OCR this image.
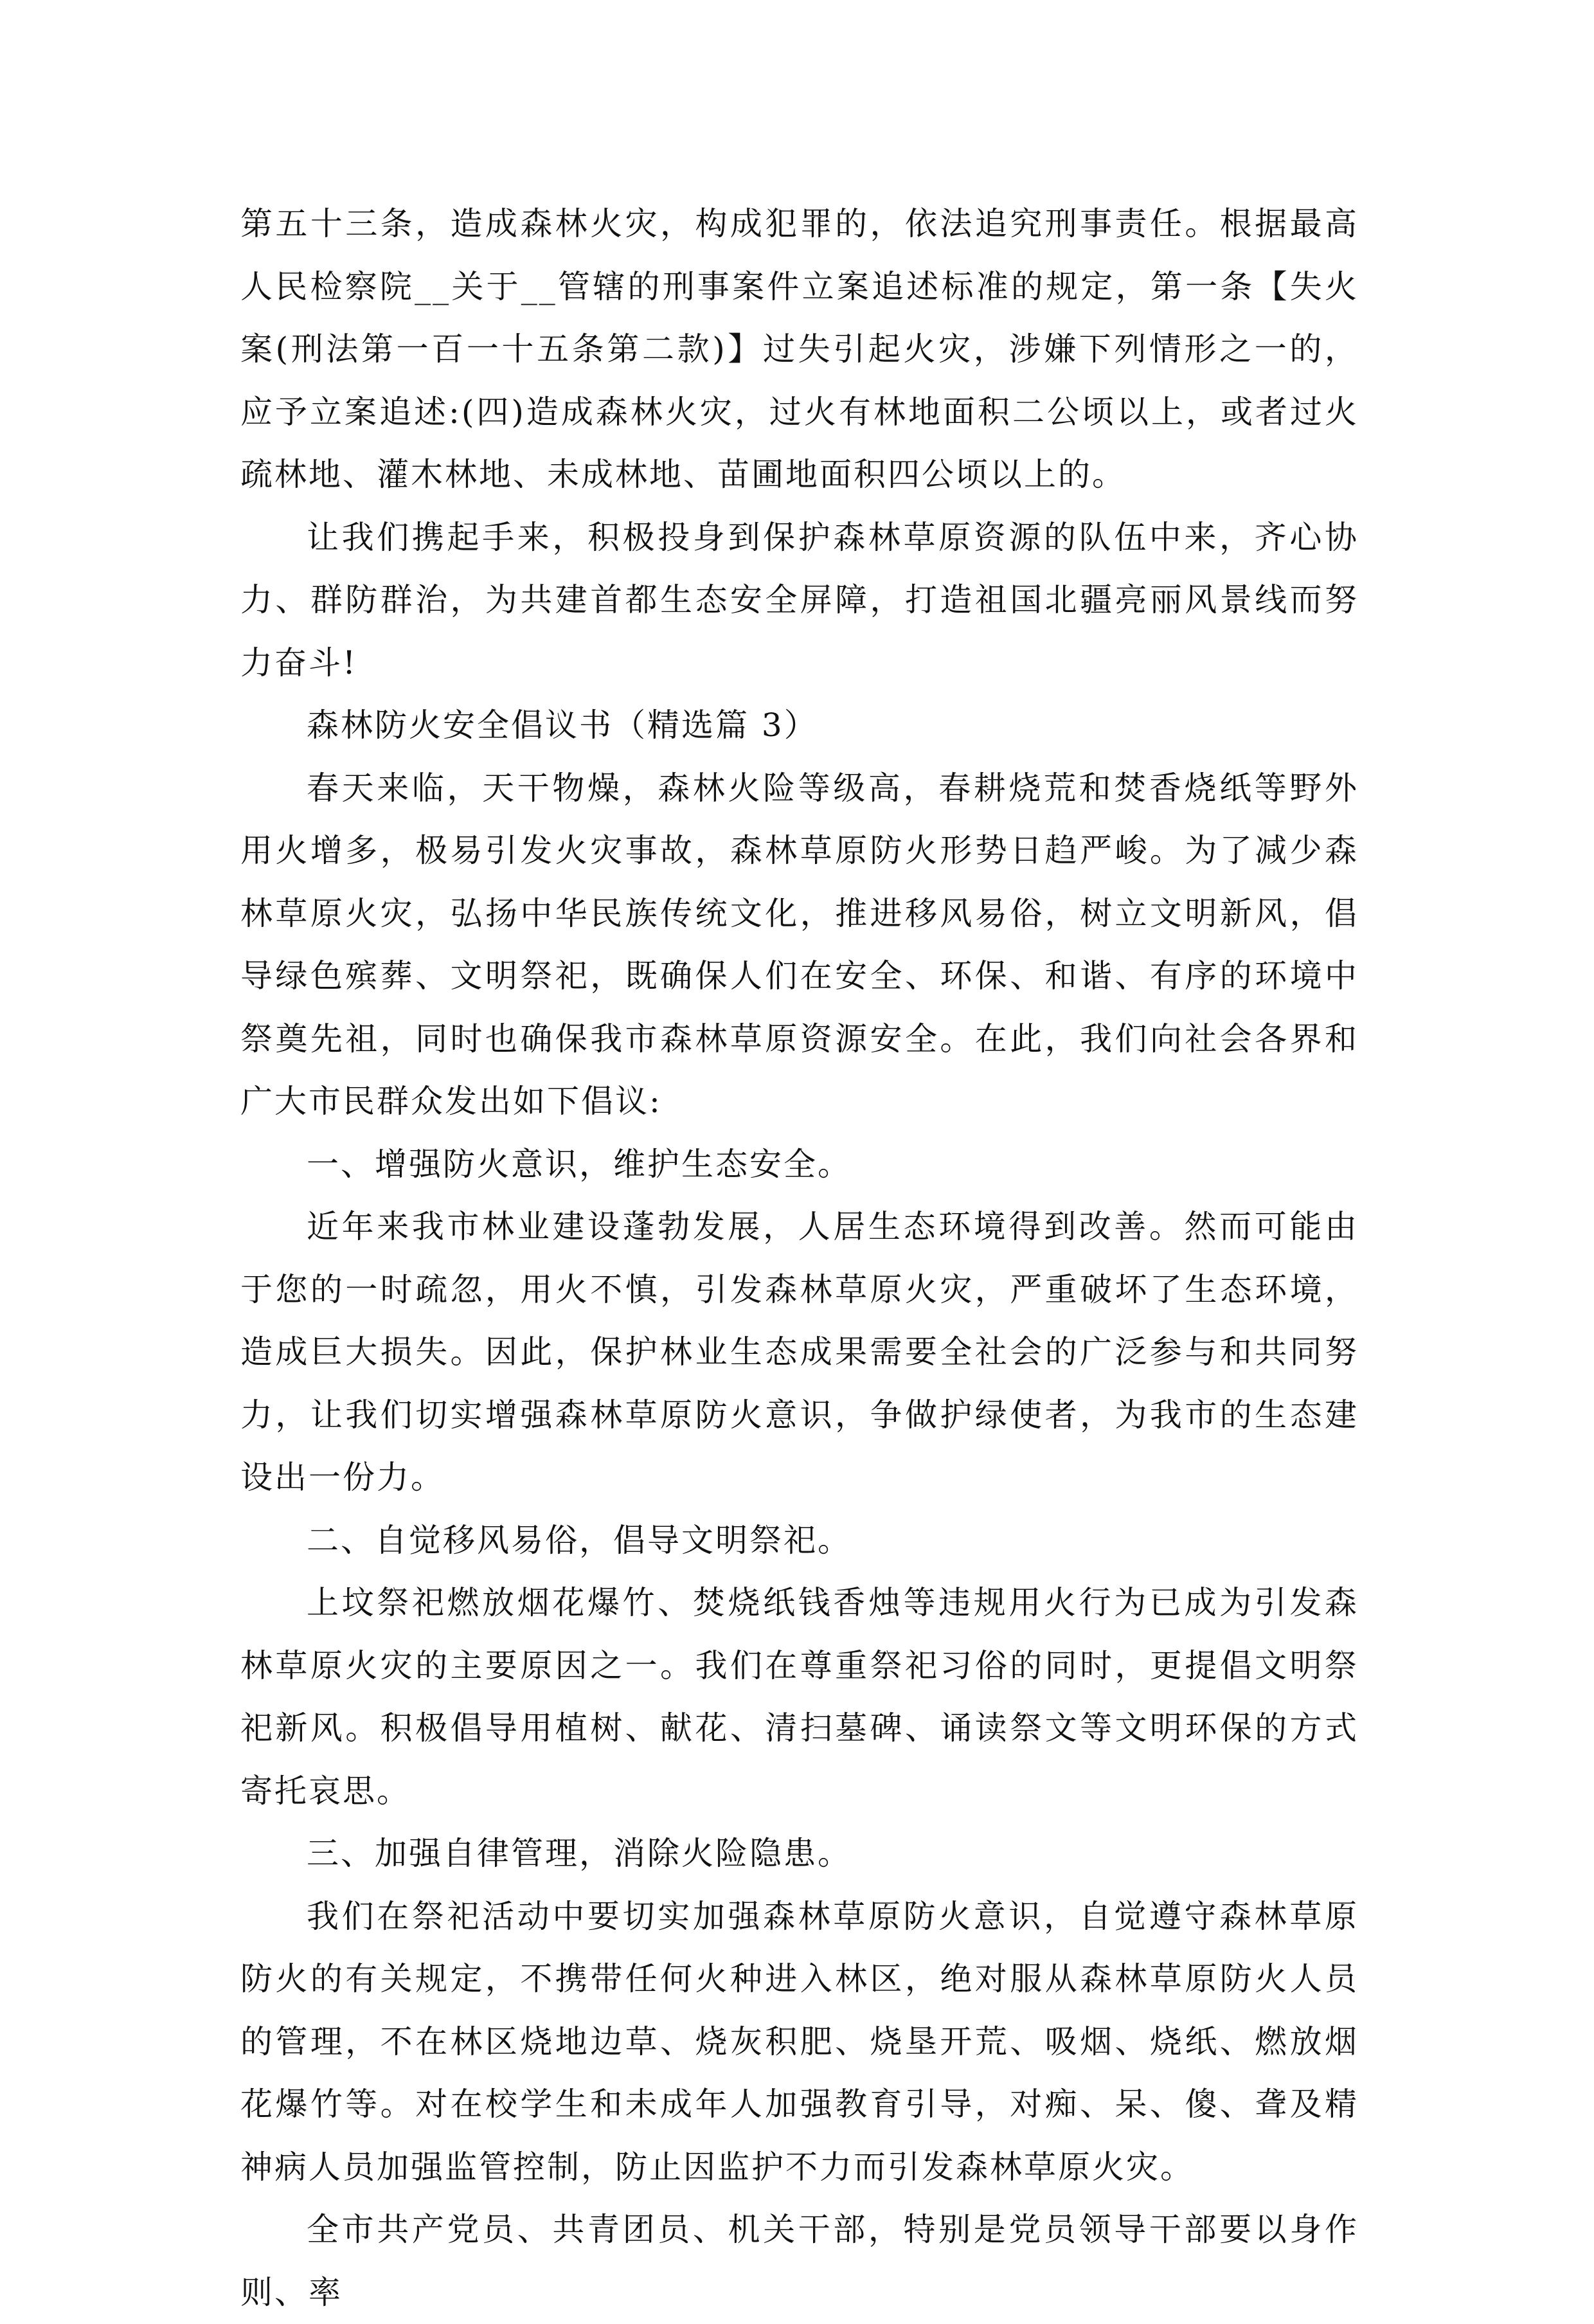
第五十三条，造成森林火灾，构成犯罪的，依法追究刑事责任。根据最高人民检察院__关于__管辖的刑事案件立案追述标准的规定，第一条【失火案(刑法第一百一十五条第二款)】过失引起火灾，涉嫌下列情形之一的，应予立案追述:(四)造成森林火灾，过火有林地面积二公顷以上，或者过火疏林地、灌木林地、未成林地、苗圃地面积四公顷以上的。

让我们携起手来，积极投身到保护森林草原资源的队伍中来，齐心协力、群防群治，为共建首都生态安全屏障，打造祖国北疆亮丽风景线而努力奋斗!

森林防火安全倡议书（精选篇 3）

春天来临，天干物燥，森林火险等级高，春耕烧荒和焚香烧纸等野外用火增多，极易引发火灾事故，森林草原防火形势日趋严峻。为了减少森林草原火灾，弘扬中华民族传统文化，推进移风易俗，树立文明新风，倡导绿色殡葬、文明祭祀，既确保人们在安全、环保、和谐、有序的环境中祭奠先祖，同时也确保我市森林草原资源安全。在此，我们向社会各界和广大市民群众发出如下倡议:

一、增强防火意识，维护生态安全。

近年来我市林业建设蓬勃发展，人居生态环境得到改善。然而可能由于您的一时疏忽，用火不慎，引发森林草原火灾，严重破坏了生态环境，造成巨大损失。因此，保护林业生态成果需要全社会的广泛参与和共同努力，让我们切实增强森林草原防火意识，争做护绿使者，为我市的生态建设出一份力。

二、自觉移风易俗，倡导文明祭祀。

上坟祭祀燃放烟花爆竹、焚烧纸钱香烛等违规用火行为已成为引发森林草原火灾的主要原因之一。我们在尊重祭祀习俗的同时，更提倡文明祭祀新风。积极倡导用植树、献花、清扫墓碑、诵读祭文等文明环保的方式寄托哀思。

三、加强自律管理，消除火险隐患。

我们在祭祀活动中要切实加强森林草原防火意识，自觉遵守森林草原防火的有关规定，不携带任何火种进入林区，绝对服从森林草原防火人员的管理，不在林区烧地边草、烧灰积肥、烧垦开荒、吸烟、烧纸、燃放烟花爆竹等。对在校学生和未成年人加强教育引导，对痴、呆、傻、聋及精神病人员加强监管控制，防止因监护不力而引发森林草原火灾。

全市共产党员、共青团员、机关干部，特别是党员领导干部要以身作则、率
